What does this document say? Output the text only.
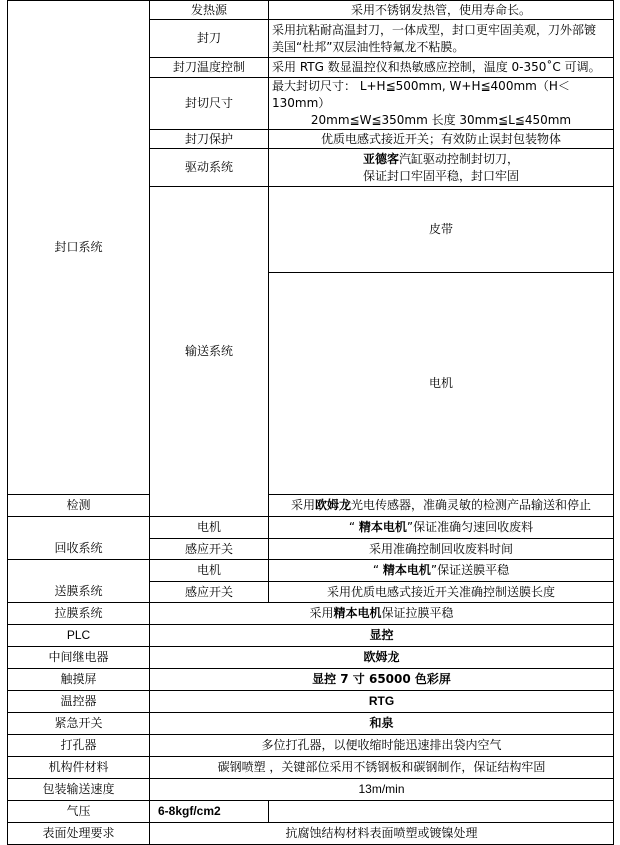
封口系统	发热源	采用不锈钢发热管，使用寿命长。	
	封刀	采用抗粘耐高温封刀，一体成型，封口更牢固美观，刀外部镀
美国“杜邦”双层油性特氟龙不粘膜。	

	封刀温度控制	采用 RTG 数显温控仪和热敏感应控制，温度 0-350˚C 可调。	
	封切尺寸	最大封切尺寸： L+H≦500mm, W+H≦400mm（H＜130mm）
20mm≦W≦350mm 长度 30mm≦L≦450mm	

	封刀保护	优质电感式接近开关；有效防止误封包装物体	
	驱动系统	亚德客汽缸驱动控制封切刀，
保证封口牢固平稳，封口牢固	

	输送系统	皮带	
		电机	
检测		采用欧姆龙光电传感器，准确灵敏的检测产品输送和停止	
回收系统	电机	“ 精本电机”保证准确匀速回收废料	
	感应开关	采用准确控制回收废料时间	
送膜系统	电机	“ 精本电机”保证送膜平稳	
	感应开关	采用优质电感式接近开关准确控制送膜长度	
拉膜系统	采用精本电机保证拉膜平稳		
PLC	显控		
中间继电器	欧姆龙		
触摸屏	显控 7 寸 65000 色彩屏		
温控器	RTG		
紧急开关	和泉		
打孔器	多位打孔器，以便收缩时能迅速排出袋内空气		
机构件材料	碳钢喷塑 ，关键部位采用不锈钢板和碳钢制作，保证结构牢固		
包装输送速度	13m/min		
气压	6-8kgf/cm2		
表面处理要求	抗腐蚀结构材料表面喷塑或镀镍处理		
